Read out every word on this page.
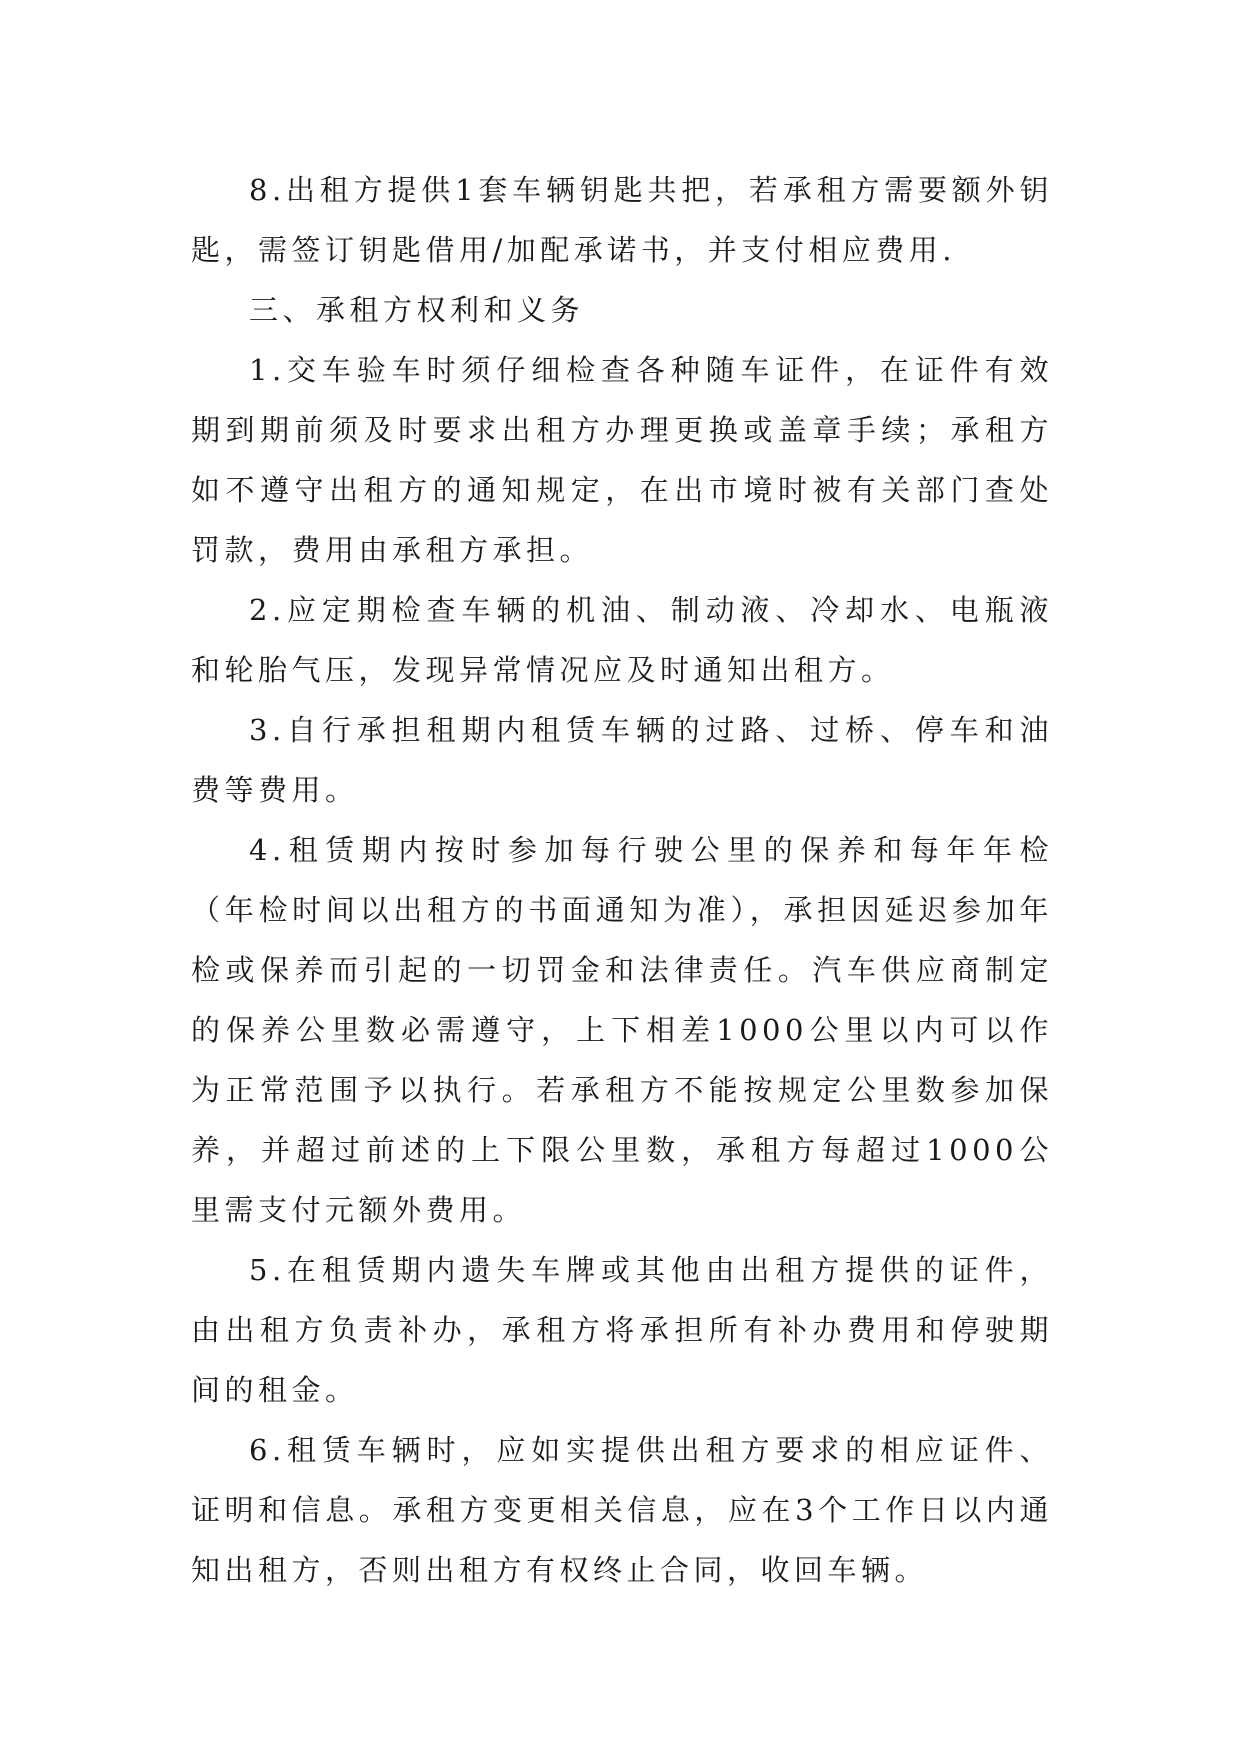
8.出租方提供1套车辆钥匙共把，若承租方需要额外钥匙，需签订钥匙借用/加配承诺书，并支付相应费用.

三、承租方权利和义务

1.交车验车时须仔细检查各种随车证件，在证件有效期到期前须及时要求出租方办理更换或盖章手续；承租方如不遵守出租方的通知规定，在出市境时被有关部门查处罚款，费用由承租方承担。

2.应定期检查车辆的机油、制动液、冷却水、电瓶液和轮胎气压，发现异常情况应及时通知出租方。

3.自行承担租期内租赁车辆的过路、过桥、停车和油费等费用。

4.租赁期内按时参加每行驶公里的保养和每年年检（年检时间以出租方的书面通知为准），承担因延迟参加年检或保养而引起的一切罚金和法律责任。汽车供应商制定的保养公里数必需遵守，上下相差1000公里以内可以作为正常范围予以执行。若承租方不能按规定公里数参加保养，并超过前述的上下限公里数，承租方每超过1000公里需支付元额外费用。

5.在租赁期内遗失车牌或其他由出租方提供的证件，由出租方负责补办，承租方将承担所有补办费用和停驶期间的租金。

6.租赁车辆时，应如实提供出租方要求的相应证件、证明和信息。承租方变更相关信息，应在3个工作日以内通知出租方，否则出租方有权终止合同，收回车辆。
